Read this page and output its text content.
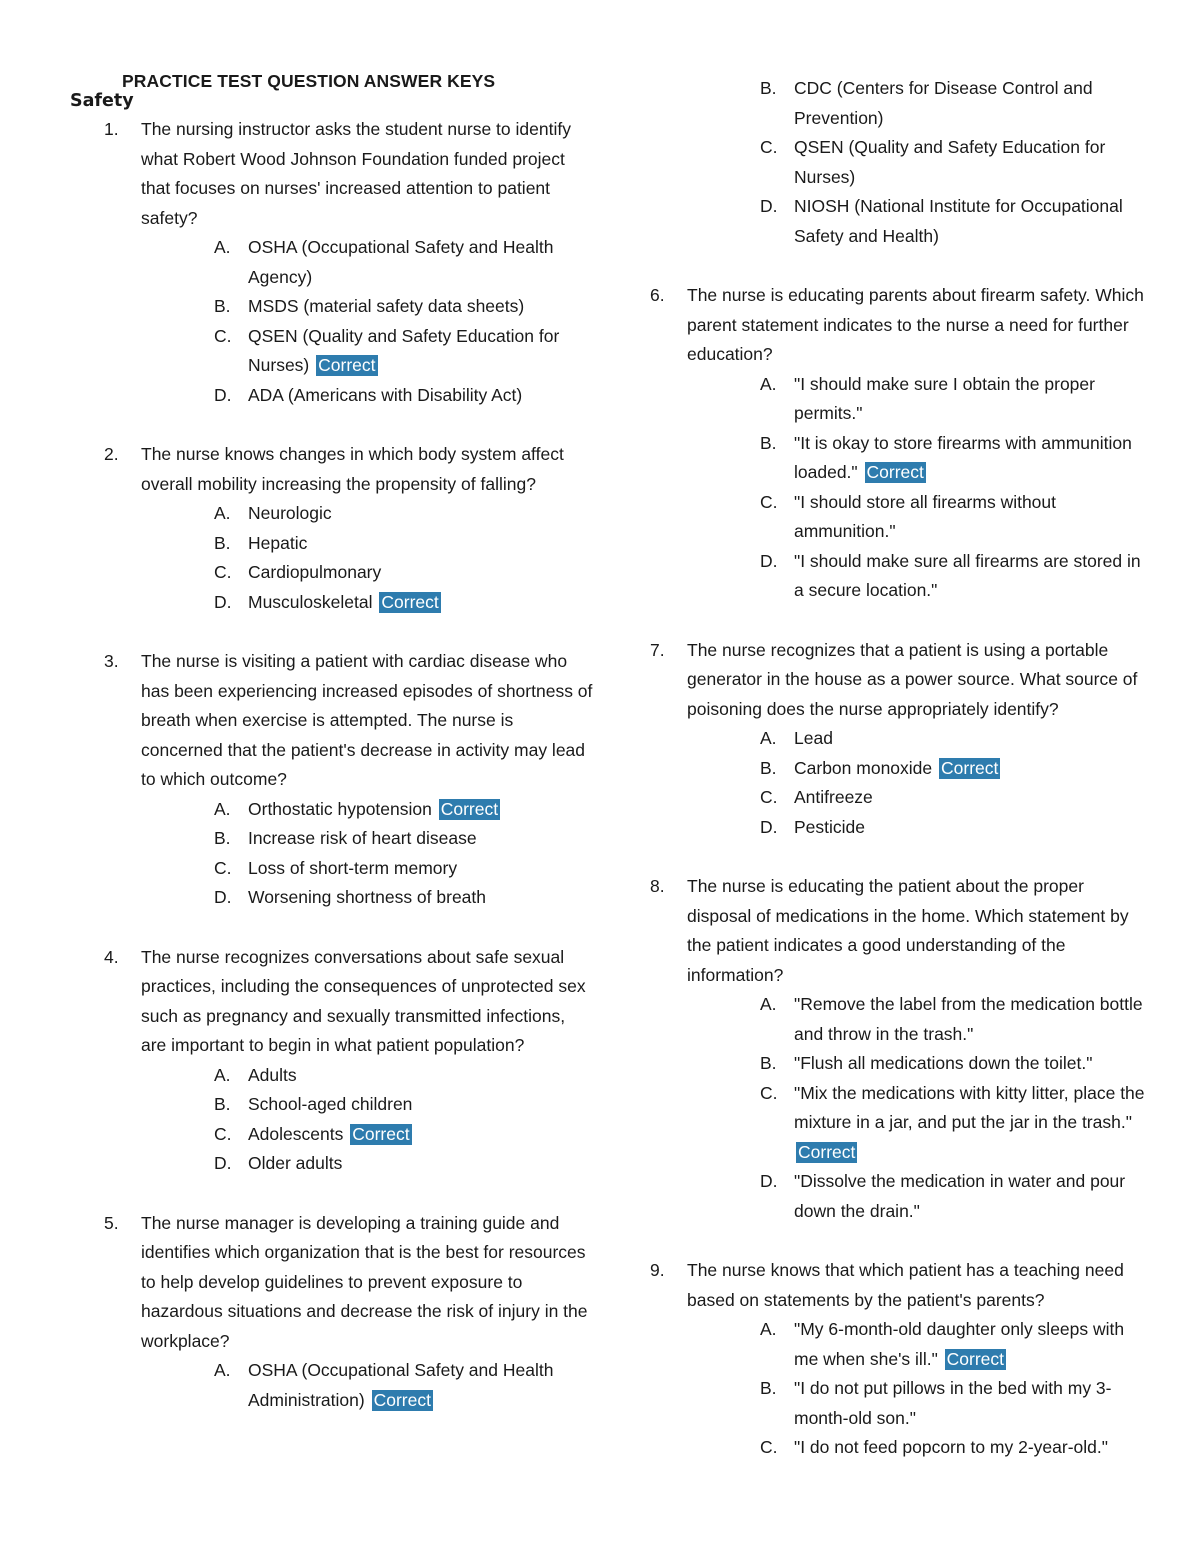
PRACTICE TEST QUESTION ANSWER KEYS
Safety
1.	The nursing instructor asks the student nurse to identify what Robert Wood Johnson Foundation funded project that focuses on nurses' increased attention to patient safety?
A. OSHA (Occupational Safety and Health Agency)
B. MSDS (material safety data sheets)
C. QSEN (Quality and Safety Education for Nurses) Correct
D. ADA (Americans with Disability Act)
2.	The nurse knows changes in which body system affect overall mobility increasing the propensity of falling?
A. Neurologic
B. Hepatic
C. Cardiopulmonary
D. Musculoskeletal Correct
3.	The nurse is visiting a patient with cardiac disease who has been experiencing increased episodes of shortness of breath when exercise is attempted. The nurse is concerned that the patient's decrease in activity may lead to which outcome?
A. Orthostatic hypotension Correct
B. Increase risk of heart disease
C. Loss of short-term memory
D. Worsening shortness of breath
4.	The nurse recognizes conversations about safe sexual practices, including the consequences of unprotected sex such as pregnancy and sexually transmitted infections, are important to begin in what patient population?
A. Adults
B. School-aged children
C. Adolescents Correct
D. Older adults
5.	The nurse manager is developing a training guide and identifies which organization that is the best for resources to help develop guidelines to prevent exposure to hazardous situations and decrease the risk of injury in the workplace?
A. OSHA (Occupational Safety and Health Administration) Correct
B. CDC (Centers for Disease Control and Prevention)
C. QSEN (Quality and Safety Education for Nurses)
D. NIOSH (National Institute for Occupational Safety and Health)
6.	The nurse is educating parents about firearm safety. Which parent statement indicates to the nurse a need for further education?
A. "I should make sure I obtain the proper permits."
B. "It is okay to store firearms with ammunition loaded." Correct
C. "I should store all firearms without ammunition."
D. "I should make sure all firearms are stored in a secure location."
7.	The nurse recognizes that a patient is using a portable generator in the house as a power source. What source of poisoning does the nurse appropriately identify?
A. Lead
B. Carbon monoxide Correct
C. Antifreeze
D. Pesticide
8.	The nurse is educating the patient about the proper disposal of medications in the home. Which statement by the patient indicates a good understanding of the information?
A. "Remove the label from the medication bottle and throw in the trash."
B. "Flush all medications down the toilet."
C. "Mix the medications with kitty litter, place the mixture in a jar, and put the jar in the trash." Correct
D. "Dissolve the medication in water and pour down the drain."
9.	The nurse knows that which patient has a teaching need based on statements by the patient's parents?
A. "My 6-month-old daughter only sleeps with me when she's ill." Correct
B. "I do not put pillows in the bed with my 3-month-old son."
C. "I do not feed popcorn to my 2-year-old."
